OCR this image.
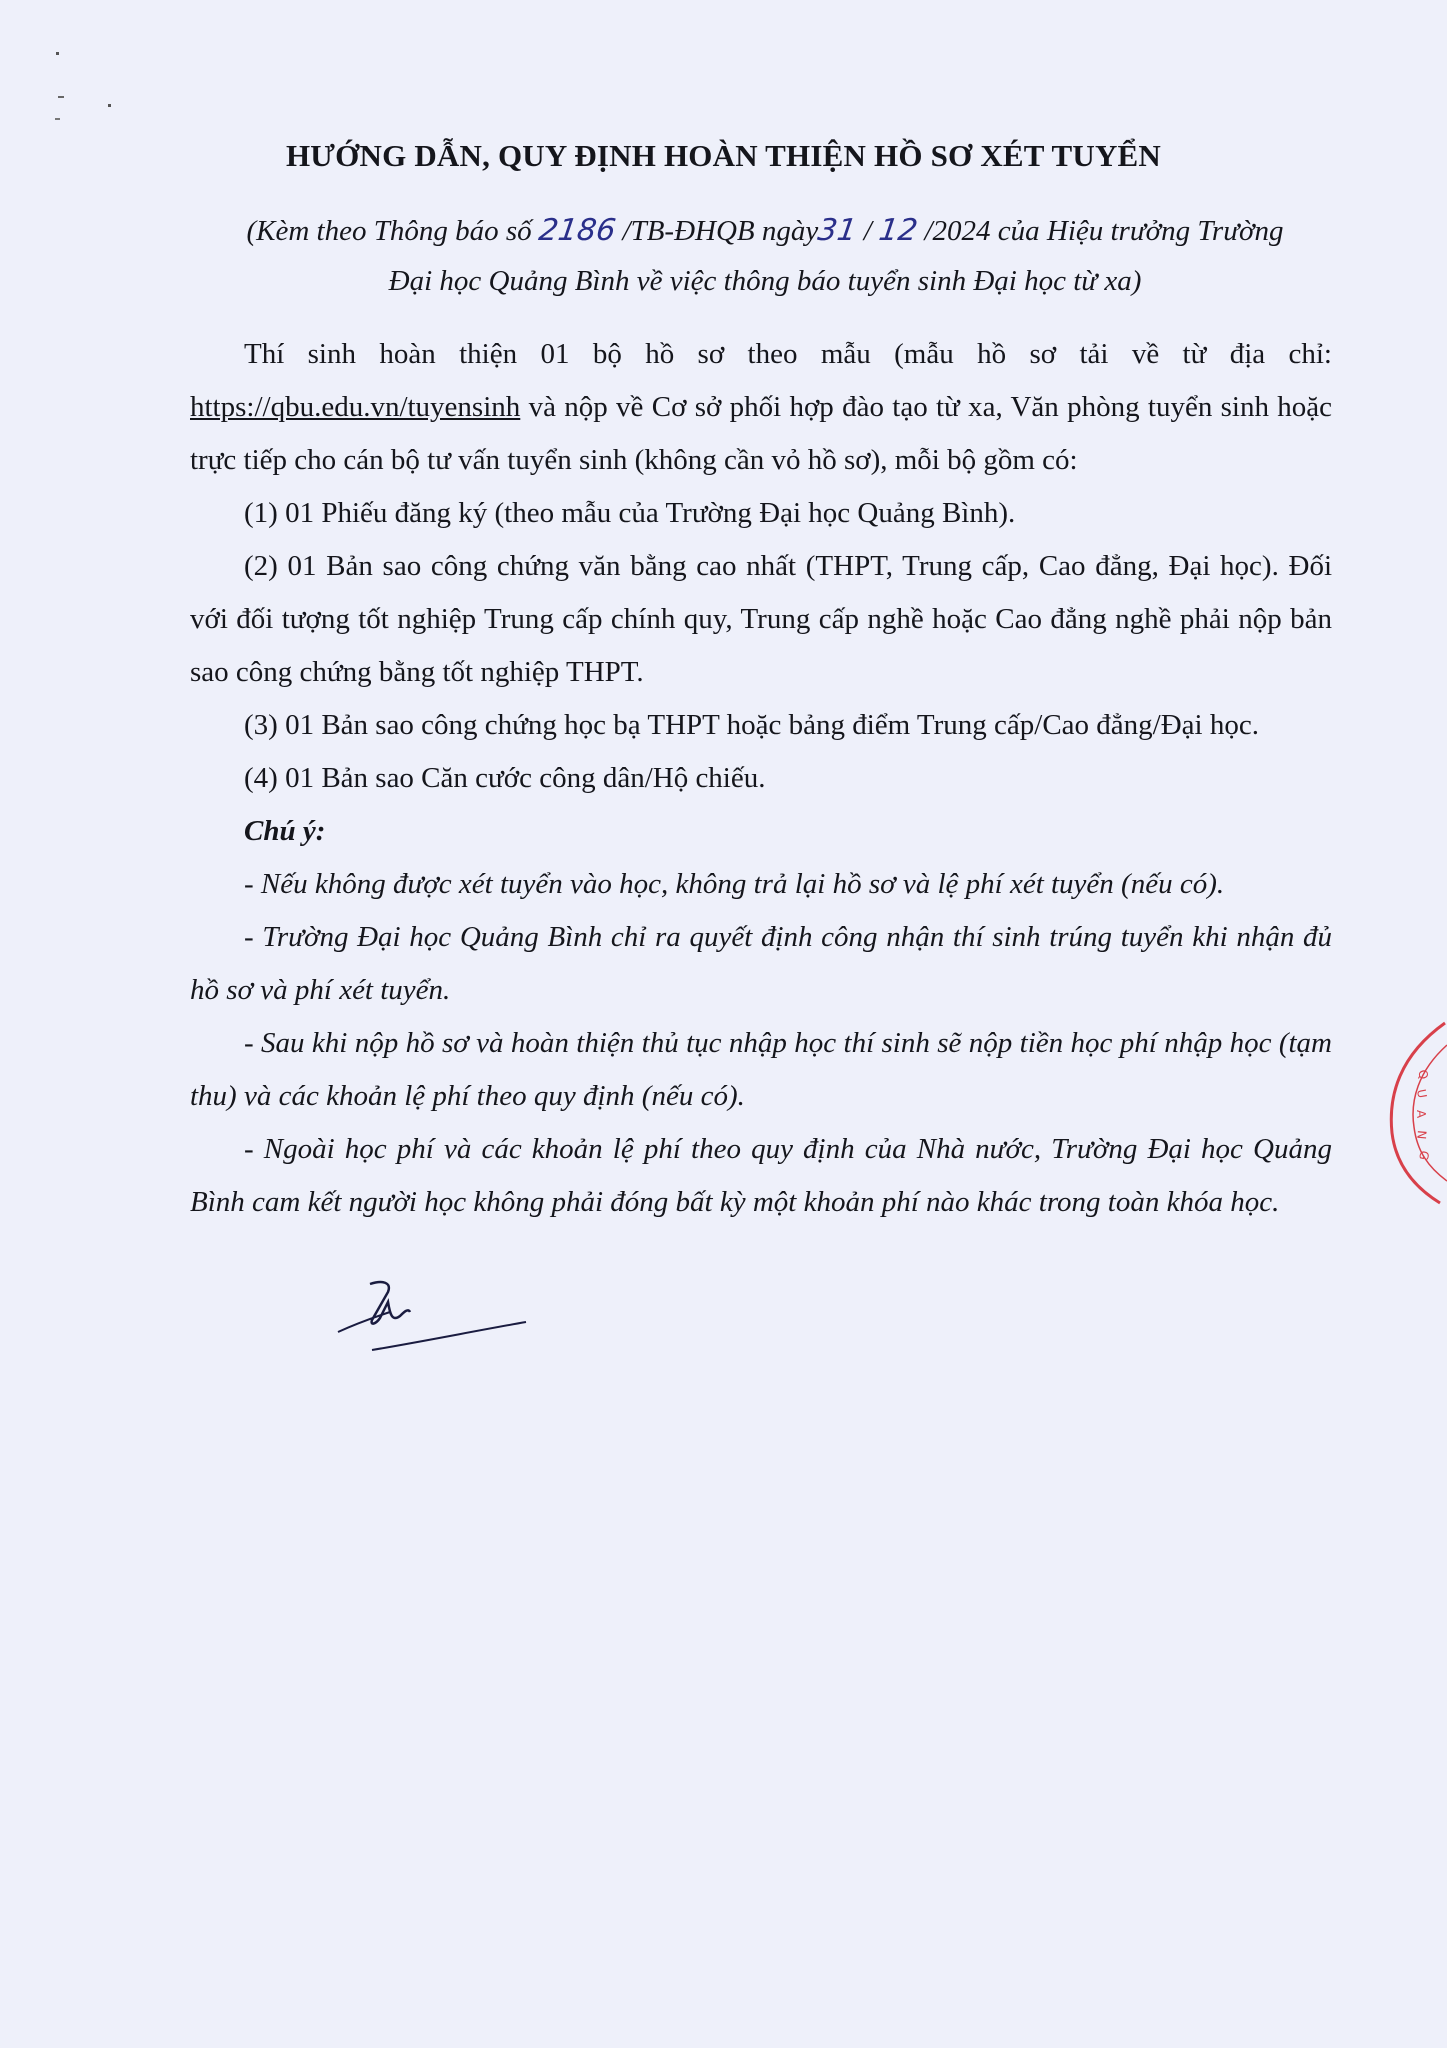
HƯỚNG DẪN, QUY ĐỊNH HOÀN THIỆN HỒ SƠ XÉT TUYỂN
(Kèm theo Thông báo số 2186 /TB-ĐHQB ngày31 / 12 /2024 của Hiệu trưởng Trường
Đại học Quảng Bình về việc thông báo tuyển sinh Đại học từ xa)

Thí sinh hoàn thiện 01 bộ hồ sơ theo mẫu (mẫu hồ sơ tải về từ địa chỉ: https://qbu.edu.vn/tuyensinh và nộp về Cơ sở phối hợp đào tạo từ xa, Văn phòng tuyển sinh hoặc trực tiếp cho cán bộ tư vấn tuyển sinh (không cần vỏ hồ sơ), mỗi bộ gồm có:

(1) 01 Phiếu đăng ký (theo mẫu của Trường Đại học Quảng Bình).

(2) 01 Bản sao công chứng văn bằng cao nhất (THPT, Trung cấp, Cao đẳng, Đại học). Đối với đối tượng tốt nghiệp Trung cấp chính quy, Trung cấp nghề hoặc Cao đẳng nghề phải nộp bản sao công chứng bằng tốt nghiệp THPT.

(3) 01 Bản sao công chứng học bạ THPT hoặc bảng điểm Trung cấp/Cao đẳng/Đại học.

(4) 01 Bản sao Căn cước công dân/Hộ chiếu.

Chú ý:

- Nếu không được xét tuyển vào học, không trả lại hồ sơ và lệ phí xét tuyển (nếu có).

- Trường Đại học Quảng Bình chỉ ra quyết định công nhận thí sinh trúng tuyển khi nhận đủ hồ sơ và phí xét tuyển.

- Sau khi nộp hồ sơ và hoàn thiện thủ tục nhập học thí sinh sẽ nộp tiền học phí nhập học (tạm thu) và các khoản lệ phí theo quy định (nếu có).

- Ngoài học phí và các khoản lệ phí theo quy định của Nhà nước, Trường Đại học Quảng Bình cam kết người học không phải đóng bất kỳ một khoản phí nào khác trong toàn khóa học.

Q
U
A
N
G
